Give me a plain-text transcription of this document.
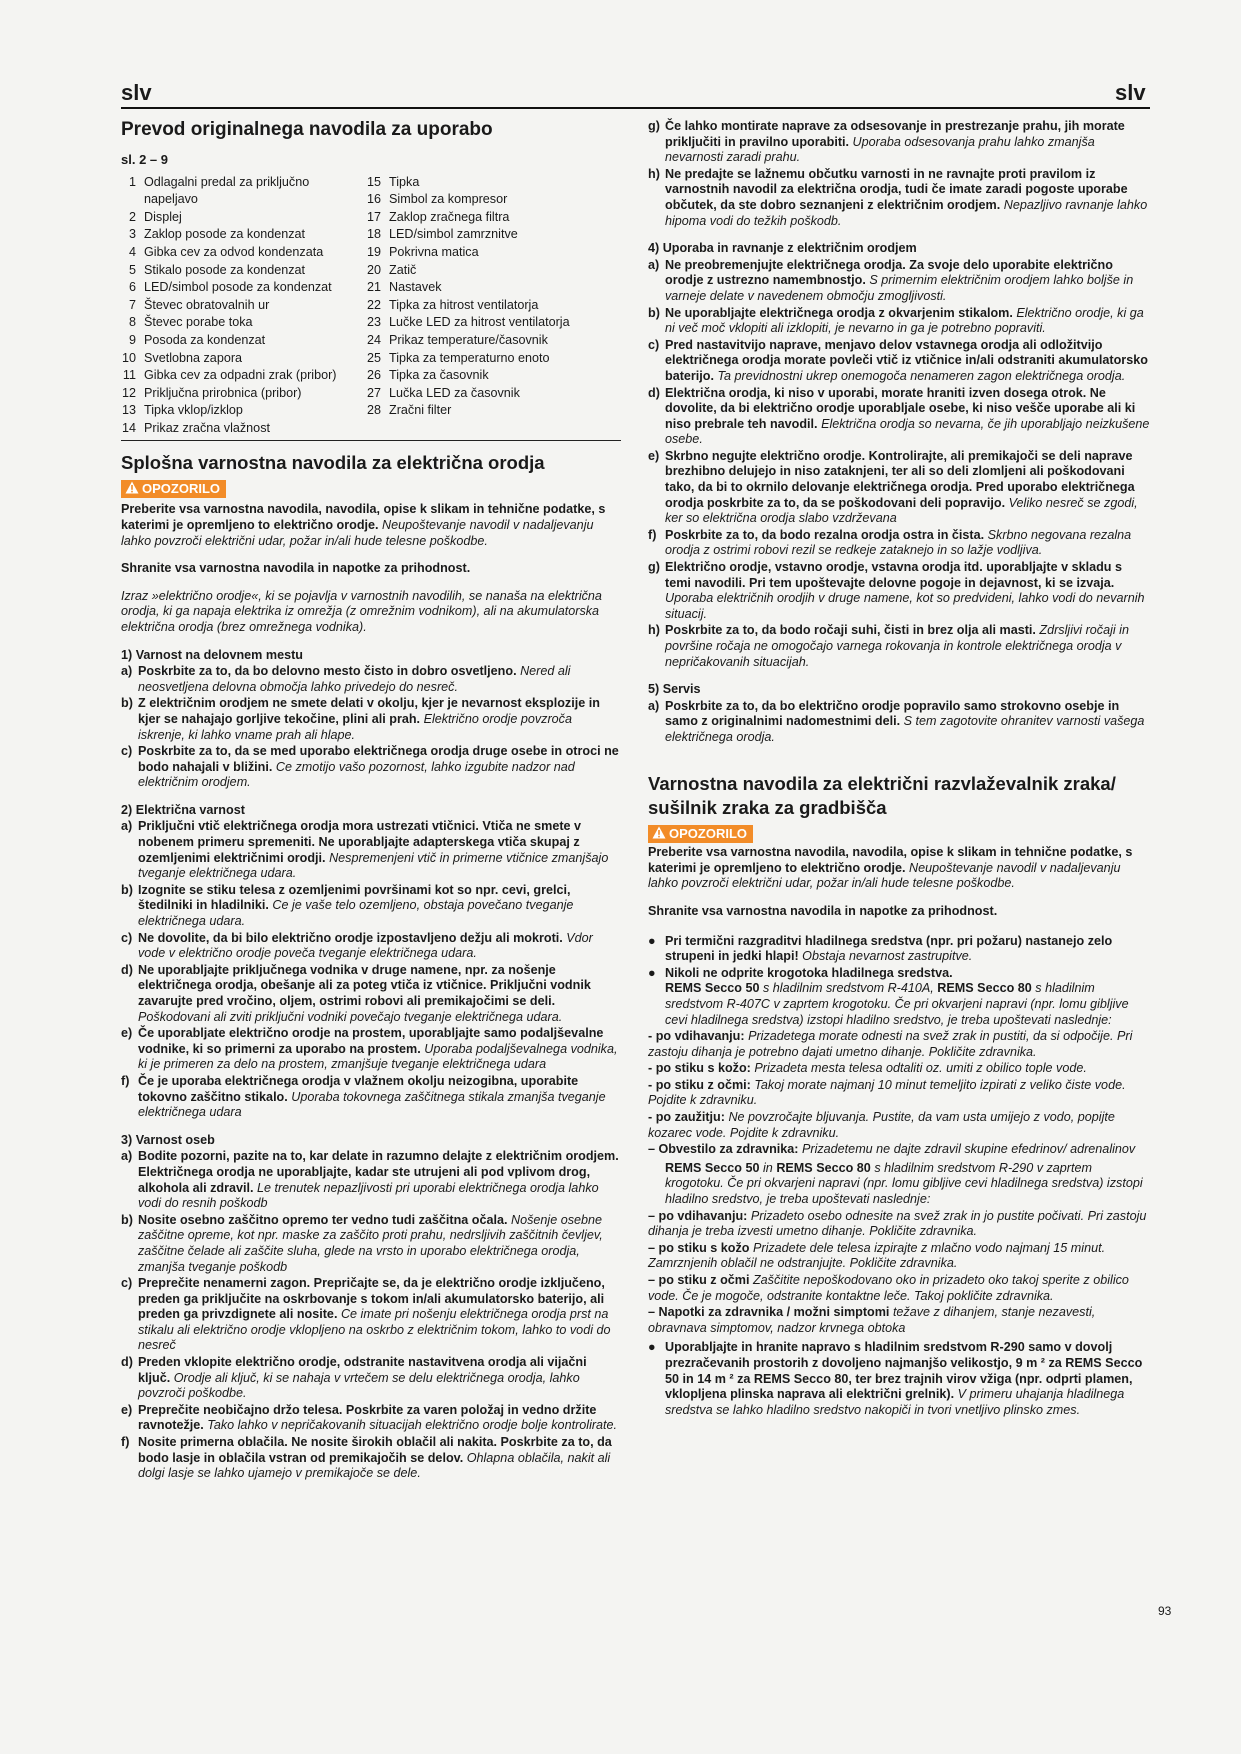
slv	slv
Prevod originalnega navodila za uporabo
sl. 2 – 9
1 Odlagalni predal za priključno
napeljavo
2 Displej
3 Zaklop posode za kondenzat
4 Gibka cev za odvod kondenzata
5 Stikalo posode za kondenzat
6 LED/simbol posode za kondenzat
7 Števec obratovalnih ur
8 Števec porabe toka
9 Posoda za kondenzat
10 Svetlobna zapora
11 Gibka cev za odpadni zrak (pribor)
12 Priključna prirobnica (pribor)
13 Tipka vklop/izklop
14 Prikaz zračna vlažnost
15 Tipka
16 Simbol za kompresor
17 Zaklop zračnega filtra
18 LED/simbol zamrznitve
19 Pokrivna matica
20 Zatič
21 Nastavek
22 Tipka za hitrost ventilatorja
23 Lučke LED za hitrost ventilatorja
24 Prikaz temperature/časovnik
25 Tipka za temperaturno enoto
26 Tipka za časovnik
27 Lučka LED za časovnik
28 Zračni filter
Splošna varnostna navodila za električna orodja
OPOZORILO
Preberite vsa varnostna navodila, navodila, opise k slikam in tehnične podatke, s katerimi je opremljeno to električno orodje. Neupoštevanje navodil v nadaljevanju lahko povzroči električni udar, požar in/ali hude telesne poškodbe.
Shranite vsa varnostna navodila in napotke za prihodnost.
Izraz »električno orodje«, ki se pojavlja v varnostnih navodilih, se nanaša na električna orodja, ki ga napaja elektrika iz omrežja (z omrežnim vodnikom), ali na akumulatorska električna orodja (brez omrežnega vodnika).
1) Varnost na delovnem mestu
a) Poskrbite za to, da bo delovno mesto čisto in dobro osvetljeno. Nered ali neosvetljena delovna območja lahko privedejo do nesreč.
b) Z električnim orodjem ne smete delati v okolju, kjer je nevarnost eksplozije in kjer se nahajajo gorljive tekočine, plini ali prah. Električno orodje povzroča iskrenje, ki lahko vname prah ali hlape.
c) Poskrbite za to, da se med uporabo električnega orodja druge osebe in otroci ne bodo nahajali v bližini. Ce zmotijo vašo pozornost, lahko izgubite nadzor nad električnim orodjem.
2) Električna varnost
a) Priključni vtič električnega orodja mora ustrezati vtičnici. Vtiča ne smete v nobenem primeru spremeniti. Ne uporabljajte adapterskega vtiča skupaj z ozemljenimi električnimi orodji. Nespremenjeni vtič in primerne vtičnice zmanjšajo tveganje električnega udara.
b) Izognite se stiku telesa z ozemljenimi površinami kot so npr. cevi, grelci, štedilniki in hladilniki. Ce je vaše telo ozemljeno, obstaja povečano tveganje električnega udara.
c) Ne dovolite, da bi bilo električno orodje izpostavljeno dežju ali mokroti. Vdor vode v električno orodje poveča tveganje električnega udara.
d) Ne uporabljajte priključnega vodnika v druge namene, npr. za nošenje električnega orodja, obešanje ali za poteg vtiča iz vtičnice. Priključni vodnik zavarujte pred vročino, oljem, ostrimi robovi ali premikajočimi se deli. Poškodovani ali zviti priključni vodniki povečajo tveganje električnega udara.
e) Če uporabljate električno orodje na prostem, uporabljajte samo podaljševalne vodnike, ki so primerni za uporabo na prostem. Uporaba podaljševalnega vodnika, ki je primeren za delo na prostem, zmanjšuje tveganje električnega udara
f) Če je uporaba električnega orodja v vlažnem okolju neizogibna, uporabite tokovno zaščitno stikalo. Uporaba tokovnega zaščitnega stikala zmanjša tveganje električnega udara
3) Varnost oseb
a) Bodite pozorni, pazite na to, kar delate in razumno delajte z električnim orodjem. Električnega orodja ne uporabljajte, kadar ste utrujeni ali pod vplivom drog, alkohola ali zdravil. Le trenutek nepazljivosti pri uporabi električnega orodja lahko vodi do resnih poškodb
b) Nosite osebno zaščitno opremo ter vedno tudi zaščitna očala. Nošenje osebne zaščitne opreme, kot npr. maske za zaščito proti prahu, nedrsljivih zaščitnih čevljev, zaščitne čelade ali zaščite sluha, glede na vrsto in uporabo električnega orodja, zmanjša tveganje poškodb
c) Preprečite nenamerni zagon. Prepričajte se, da je električno orodje izključeno, preden ga priključite na oskrbovanje s tokom in/ali akumulatorsko baterijo, ali preden ga privzdignete ali nosite. Ce imate pri nošenju električnega orodja prst na stikalu ali električno orodje vklopljeno na oskrbo z električnim tokom, lahko to vodi do nesreč
d) Preden vklopite električno orodje, odstranite nastavitvena orodja ali vijačni ključ. Orodje ali ključ, ki se nahaja v vrtečem se delu električnega orodja, lahko povzroči poškodbe.
e) Preprečite neobičajno držo telesa. Poskrbite za varen položaj in vedno držite ravnotežje. Tako lahko v nepričakovanih situacijah električno orodje bolje kontrolirate.
f) Nosite primerna oblačila. Ne nosite širokih oblačil ali nakita. Poskrbite za to, da bodo lasje in oblačila vstran od premikajočih se delov. Ohlapna oblačila, nakit ali dolgi lasje se lahko ujamejo v premikajoče se dele.
g) Če lahko montirate naprave za odsesovanje in prestrezanje prahu, jih morate priključiti in pravilno uporabiti. Uporaba odsesovanja prahu lahko zmanjša nevarnosti zaradi prahu.
h) Ne predajte se lažnemu občutku varnosti in ne ravnajte proti pravilom iz varnostnih navodil za električna orodja, tudi če imate zaradi pogoste uporabe občutek, da ste dobro seznanjeni z električnim orodjem. Nepazljivo ravnanje lahko hipoma vodi do težkih poškodb.
4) Uporaba in ravnanje z električnim orodjem
a) Ne preobremenjujte električnega orodja. Za svoje delo uporabite električno orodje z ustrezno namembnostjo. S primernim električnim orodjem lahko boljše in varneje delate v navedenem območju zmogljivosti.
b) Ne uporabljajte električnega orodja z okvarjenim stikalom. Električno orodje, ki ga ni več moč vklopiti ali izklopiti, je nevarno in ga je potrebno popraviti.
c) Pred nastavitvijo naprave, menjavo delov vstavnega orodja ali odložitvijo električnega orodja morate povleči vtič iz vtičnice in/ali odstraniti akumulatorsko baterijo. Ta previdnostni ukrep onemogoča nenameren zagon električnega orodja.
d) Električna orodja, ki niso v uporabi, morate hraniti izven dosega otrok. Ne dovolite, da bi električno orodje uporabljale osebe, ki niso vešče uporabe ali ki niso prebrale teh navodil. Električna orodja so nevarna, če jih uporabljajo neizkušene osebe.
e) Skrbno negujte električno orodje. Kontrolirajte, ali premikajoči se deli naprave brezhibno delujejo in niso zataknjeni, ter ali so deli zlomljeni ali poškodovani tako, da bi to okrnilo delovanje električnega orodja. Pred uporabo električnega orodja poskrbite za to, da se poškodovani deli popravijo. Veliko nesreč se zgodi, ker so električna orodja slabo vzdrževana
f) Poskrbite za to, da bodo rezalna orodja ostra in čista. Skrbno negovana rezalna orodja z ostrimi robovi rezil se redkeje zataknejo in so lažje vodljiva.
g) Električno orodje, vstavno orodje, vstavna orodja itd. uporabljajte v skladu s temi navodili. Pri tem upoštevajte delovne pogoje in dejavnost, ki se izvaja. Uporaba električnih orodjih v druge namene, kot so predvideni, lahko vodi do nevarnih situacij.
h) Poskrbite za to, da bodo ročaji suhi, čisti in brez olja ali masti. Zdrsljivi ročaji in površine ročaja ne omogočajo varnega rokovanja in kontrole električnega orodja v nepričakovanih situacijah.
5) Servis
a) Poskrbite za to, da bo električno orodje popravilo samo strokovno osebje in samo z originalnimi nadomestnimi deli. S tem zagotovite ohranitev varnosti vašega električnega orodja.
Varnostna navodila za električni razvlaževalnik zraka/
sušilnik zraka za gradbišča
OPOZORILO
Preberite vsa varnostna navodila, navodila, opise k slikam in tehnične podatke, s katerimi je opremljeno to električno orodje. Neupoštevanje navodil v nadaljevanju lahko povzroči električni udar, požar in/ali hude telesne poškodbe.
Shranite vsa varnostna navodila in napotke za prihodnost.
● Pri termični razgraditvi hladilnega sredstva (npr. pri požaru) nastanejo zelo strupeni in jedki hlapi! Obstaja nevarnost zastrupitve.
● Nikoli ne odprite krogotoka hladilnega sredstva.
REMS Secco 50 s hladilnim sredstvom R-410A, REMS Secco 80 s hladilnim sredstvom R-407C v zaprtem krogotoku. Če pri okvarjeni napravi (npr. lomu gibljive cevi hladilnega sredstva) izstopi hladilno sredstvo, je treba upoštevati naslednje:
- po vdihavanju: Prizadetega morate odnesti na svež zrak in pustiti, da si odpočije. Pri zastoju dihanja je potrebno dajati umetno dihanje. Pokličite zdravnika.
- po stiku s kožo: Prizadeta mesta telesa odtaliti oz. umiti z obilico tople vode.
- po stiku z očmi: Takoj morate najmanj 10 minut temeljito izpirati z veliko čiste vode. Pojdite k zdravniku.
- po zaužitju: Ne povzročajte bljuvanja. Pustite, da vam usta umijejo z vodo, popijte kozarec vode. Pojdite k zdravniku.
– Obvestilo za zdravnika: Prizadetemu ne dajte zdravil skupine efedrinov/ adrenalinov
REMS Secco 50 in REMS Secco 80 s hladilnim sredstvom R-290 v zaprtem krogotoku. Če pri okvarjeni napravi (npr. lomu gibljive cevi hladilnega sredstva) izstopi hladilno sredstvo, je treba upoštevati naslednje:
– po vdihavanju: Prizadeto osebo odnesite na svež zrak in jo pustite počivati. Pri zastoju dihanja je treba izvesti umetno dihanje. Pokličite zdravnika.
– po stiku s kožo Prizadete dele telesa izpirajte z mlačno vodo najmanj 15 minut. Zamrznjenih oblačil ne odstranjujte. Pokličite zdravnika.
– po stiku z očmi Zaščitite nepoškodovano oko in prizadeto oko takoj sperite z obilico vode. Če je mogoče, odstranite kontaktne leče. Takoj pokličite zdravnika.
– Napotki za zdravnika / možni simptomi težave z dihanjem, stanje nezavesti, obravnava simptomov, nadzor krvnega obtoka
● Uporabljajte in hranite napravo s hladilnim sredstvom R-290 samo v dovolj prezračevanih prostorih z dovoljeno najmanjšo velikostjo, 9 m ² za REMS Secco 50 in 14 m ² za REMS Secco 80, ter brez trajnih virov vžiga (npr. odprti plamen, vklopljena plinska naprava ali električni grelnik). V primeru uhajanja hladilnega sredstva se lahko hladilno sredstvo nakopiči in tvori vnetljivo plinsko zmes.
93
